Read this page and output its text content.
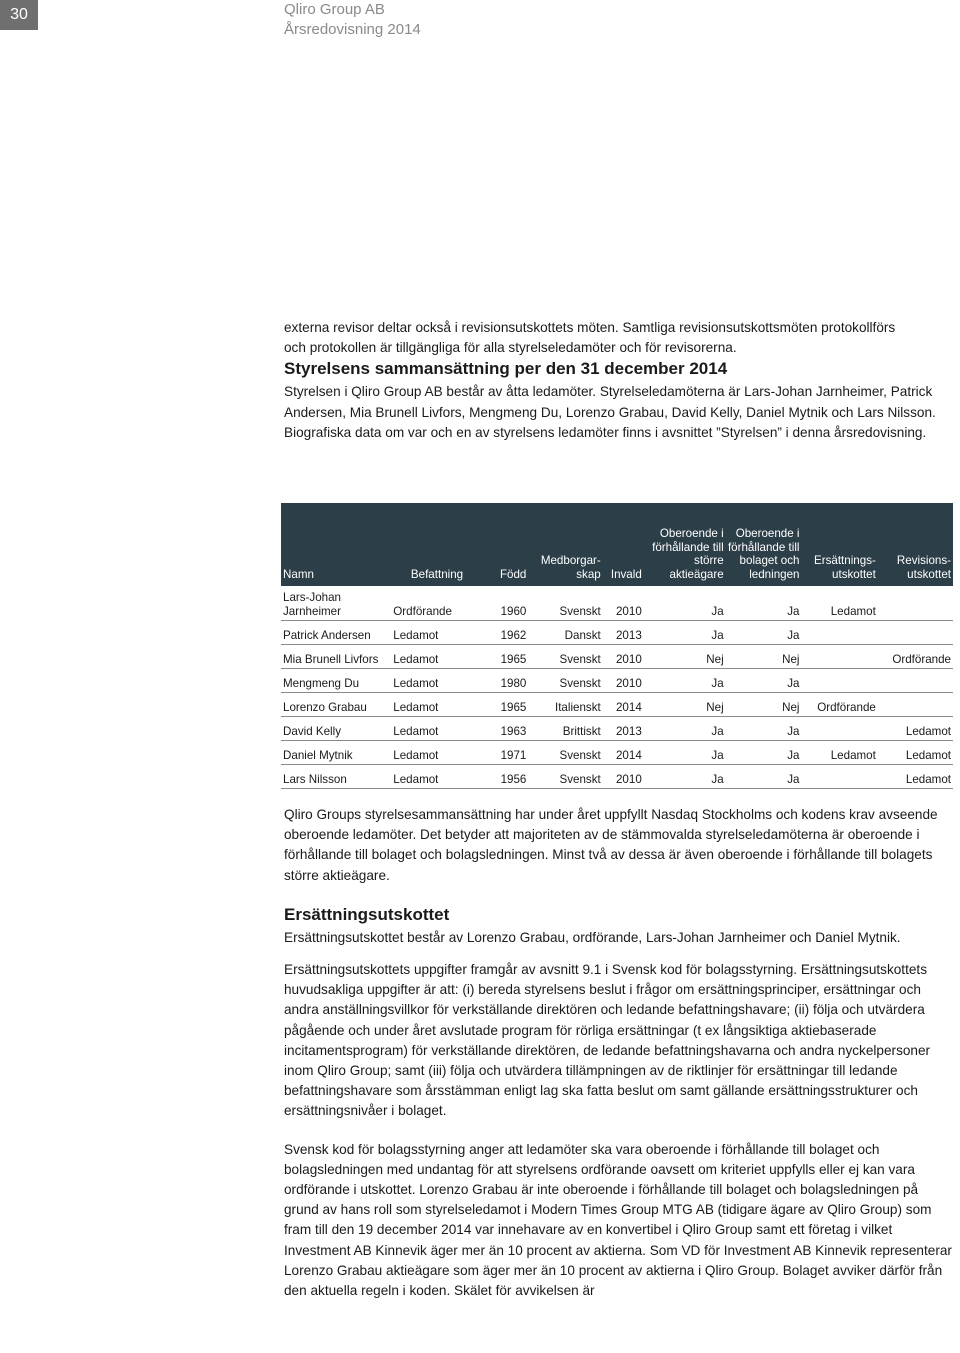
30	Qliro Group AB
Årsredovisning 2014

externa revisor deltar också i revisionsutskottets möten. Samtliga revisionsutskottsmöten protokollförs

och protokollen är tillgängliga för alla styrelseledamöter och för revisorerna.

Styrelsens sammansättning per den 31 december 2014

Styrelsen i Qliro Group AB består av åtta ledamöter. Styrelseledamöterna är Lars-Johan Jarnheimer, Patrick Andersen, Mia Brunell Livfors, Mengmeng Du, Lorenzo Grabau, David Kelly, Daniel Mytnik och Lars Nilsson. Biografiska data om var och en av styrelsens ledamöter finns i avsnittet ”Styrelsen” i denna årsredovisning.

Namn	Befattning	Född	Medborgar-skap	Invald	Oberoende i förhållande till större aktieägare	Oberoende i förhållande till bolaget och ledningen	Ersättnings-utskottet	Revisions-utskottet
Lars-Johan Jarnheimer	Ordförande	1960	Svenskt	2010	Ja	Ja	Ledamot	
Patrick Andersen	Ledamot	1962	Danskt	2013	Ja	Ja		
Mia Brunell Livfors	Ledamot	1965	Svenskt	2010	Nej	Nej		Ordförande
Mengmeng Du	Ledamot	1980	Svenskt	2010	Ja	Ja		
Lorenzo Grabau	Ledamot	1965	Italienskt	2014	Nej	Nej	Ordförande	
David Kelly	Ledamot	1963	Brittiskt	2013	Ja	Ja		Ledamot
Daniel Mytnik	Ledamot	1971	Svenskt	2014	Ja	Ja	Ledamot	Ledamot
Lars Nilsson	Ledamot	1956	Svenskt	2010	Ja	Ja		Ledamot

Qliro Groups styrelsesammansättning har under året uppfyllt Nasdaq Stockholms och kodens krav avseende oberoende ledamöter. Det betyder att majoriteten av de stämmovalda styrelseledamöterna är oberoende i förhållande till bolaget och bolagsledningen. Minst två av dessa är även oberoende i förhållande till bolagets större aktieägare.

Ersättningsutskottet

Ersättningsutskottet består av Lorenzo Grabau, ordförande, Lars-Johan Jarnheimer och Daniel Mytnik.

Ersättningsutskottets uppgifter framgår av avsnitt 9.1 i Svensk kod för bolagsstyrning. Ersättningsutskottets huvudsakliga uppgifter är att: (i) bereda styrelsens beslut i frågor om ersättningsprinciper, ersättningar och andra anställningsvillkor för verkställande direktören och ledande befattningshavare; (ii) följa och utvärdera pågående och under året avslutade program för rörliga ersättningar (t ex långsiktiga aktiebaserade incitamentsprogram) för verkställande direktören, de ledande befattningshavarna och andra nyckelpersoner inom Qliro Group; samt (iii) följa och utvärdera tillämpningen av de riktlinjer för ersättningar till ledande befattningshavare som årsstämman enligt lag ska fatta beslut om samt gällande ersättningsstrukturer och ersättningsnivåer i bolaget.

Svensk kod för bolagsstyrning anger att ledamöter ska vara oberoende i förhållande till bolaget och bolagsledningen med undantag för att styrelsens ordförande oavsett om kriteriet uppfylls eller ej kan vara ordförande i utskottet. Lorenzo Grabau är inte oberoende i förhållande till bolaget och bolagsledningen på grund av hans roll som styrelseledamot i Modern Times Group MTG AB (tidigare ägare av Qliro Group) som fram till den 19 december 2014 var innehavare av en konvertibel i Qliro Group samt ett företag i vilket Investment AB Kinnevik äger mer än 10 procent av aktierna. Som VD för Investment AB Kinnevik representerar Lorenzo Grabau aktieägare som äger mer än 10 procent av aktierna i Qliro Group. Bolaget avviker därför från den aktuella regeln i koden. Skälet för avvikelsen är
